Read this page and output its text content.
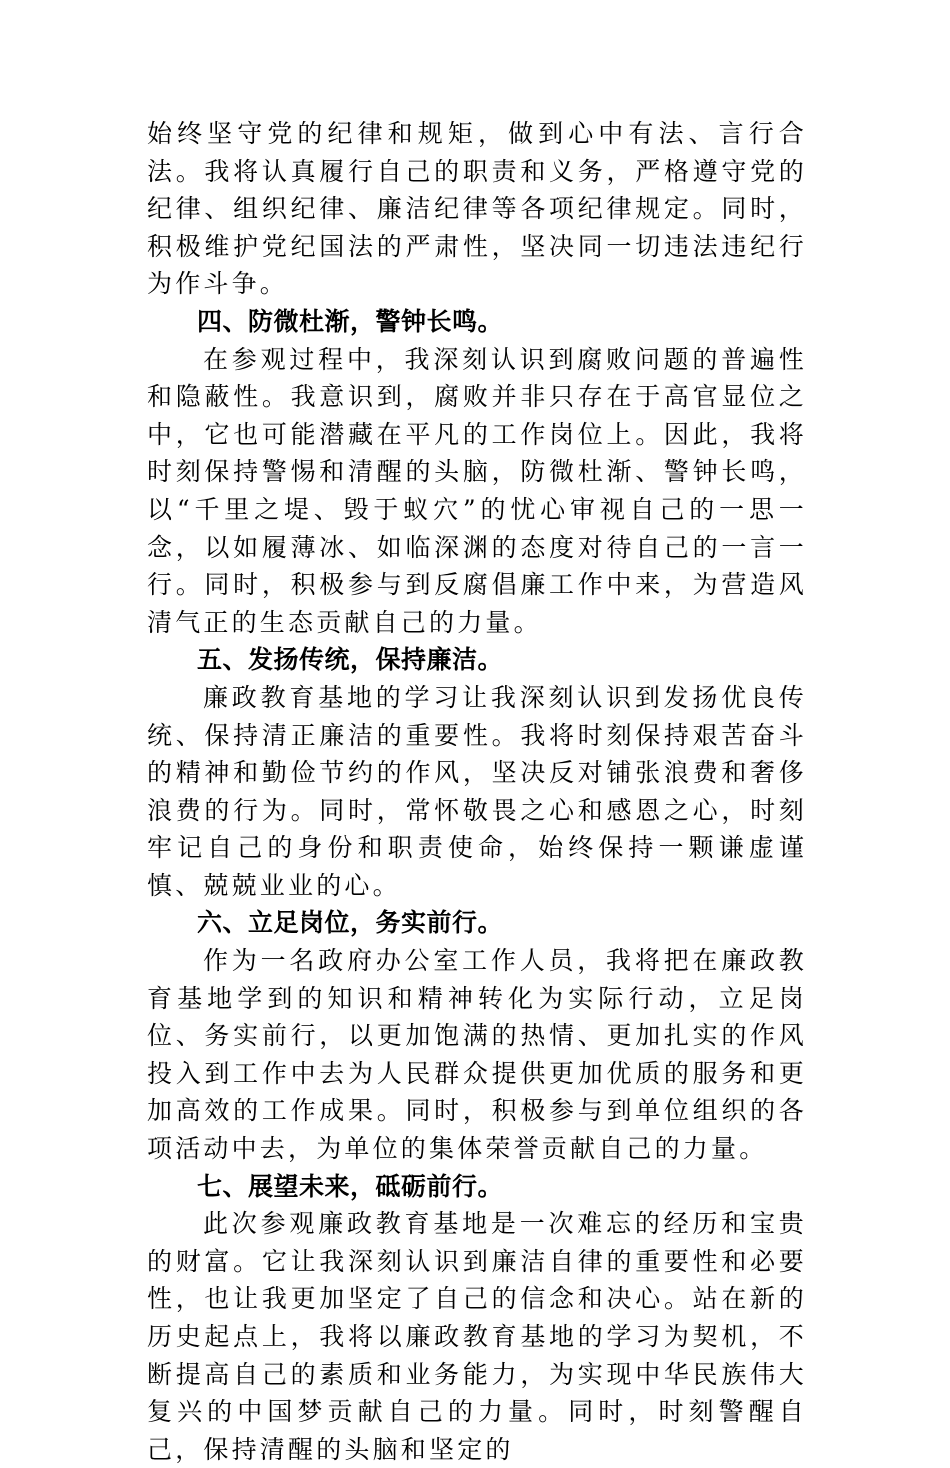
始终坚守党的纪律和规矩，做到心中有法、言行合法。我将认真履行自己的职责和义务，严格遵守党的纪律、组织纪律、廉洁纪律等各项纪律规定。同时，积极维护党纪国法的严肃性，坚决同一切违法违纪行为作斗争。

四、防微杜渐，警钟长鸣。

在参观过程中，我深刻认识到腐败问题的普遍性和隐蔽性。我意识到，腐败并非只存在于高官显位之中，它也可能潜藏在平凡的工作岗位上。因此，我将时刻保持警惕和清醒的头脑，防微杜渐、警钟长鸣，以“千里之堤、毁于蚁穴”的忧心审视自己的一思一念，以如履薄冰、如临深渊的态度对待自己的一言一行。同时，积极参与到反腐倡廉工作中来，为营造风清气正的生态贡献自己的力量。

五、发扬传统，保持廉洁。

廉政教育基地的学习让我深刻认识到发扬优良传统、保持清正廉洁的重要性。我将时刻保持艰苦奋斗的精神和勤俭节约的作风，坚决反对铺张浪费和奢侈浪费的行为。同时，常怀敬畏之心和感恩之心，时刻牢记自己的身份和职责使命，始终保持一颗谦虚谨慎、兢兢业业的心。

六、立足岗位，务实前行。

作为一名政府办公室工作人员，我将把在廉政教育基地学到的知识和精神转化为实际行动，立足岗位、务实前行，以更加饱满的热情、更加扎实的作风投入到工作中去为人民群众提供更加优质的服务和更加高效的工作成果。同时，积极参与到单位组织的各项活动中去，为单位的集体荣誉贡献自己的力量。

七、展望未来，砥砺前行。

此次参观廉政教育基地是一次难忘的经历和宝贵的财富。它让我深刻认识到廉洁自律的重要性和必要性，也让我更加坚定了自己的信念和决心。站在新的历史起点上，我将以廉政教育基地的学习为契机，不断提高自己的素质和业务能力，为实现中华民族伟大复兴的中国梦贡献自己的力量。同时，时刻警醒自己，保持清醒的头脑和坚定的
